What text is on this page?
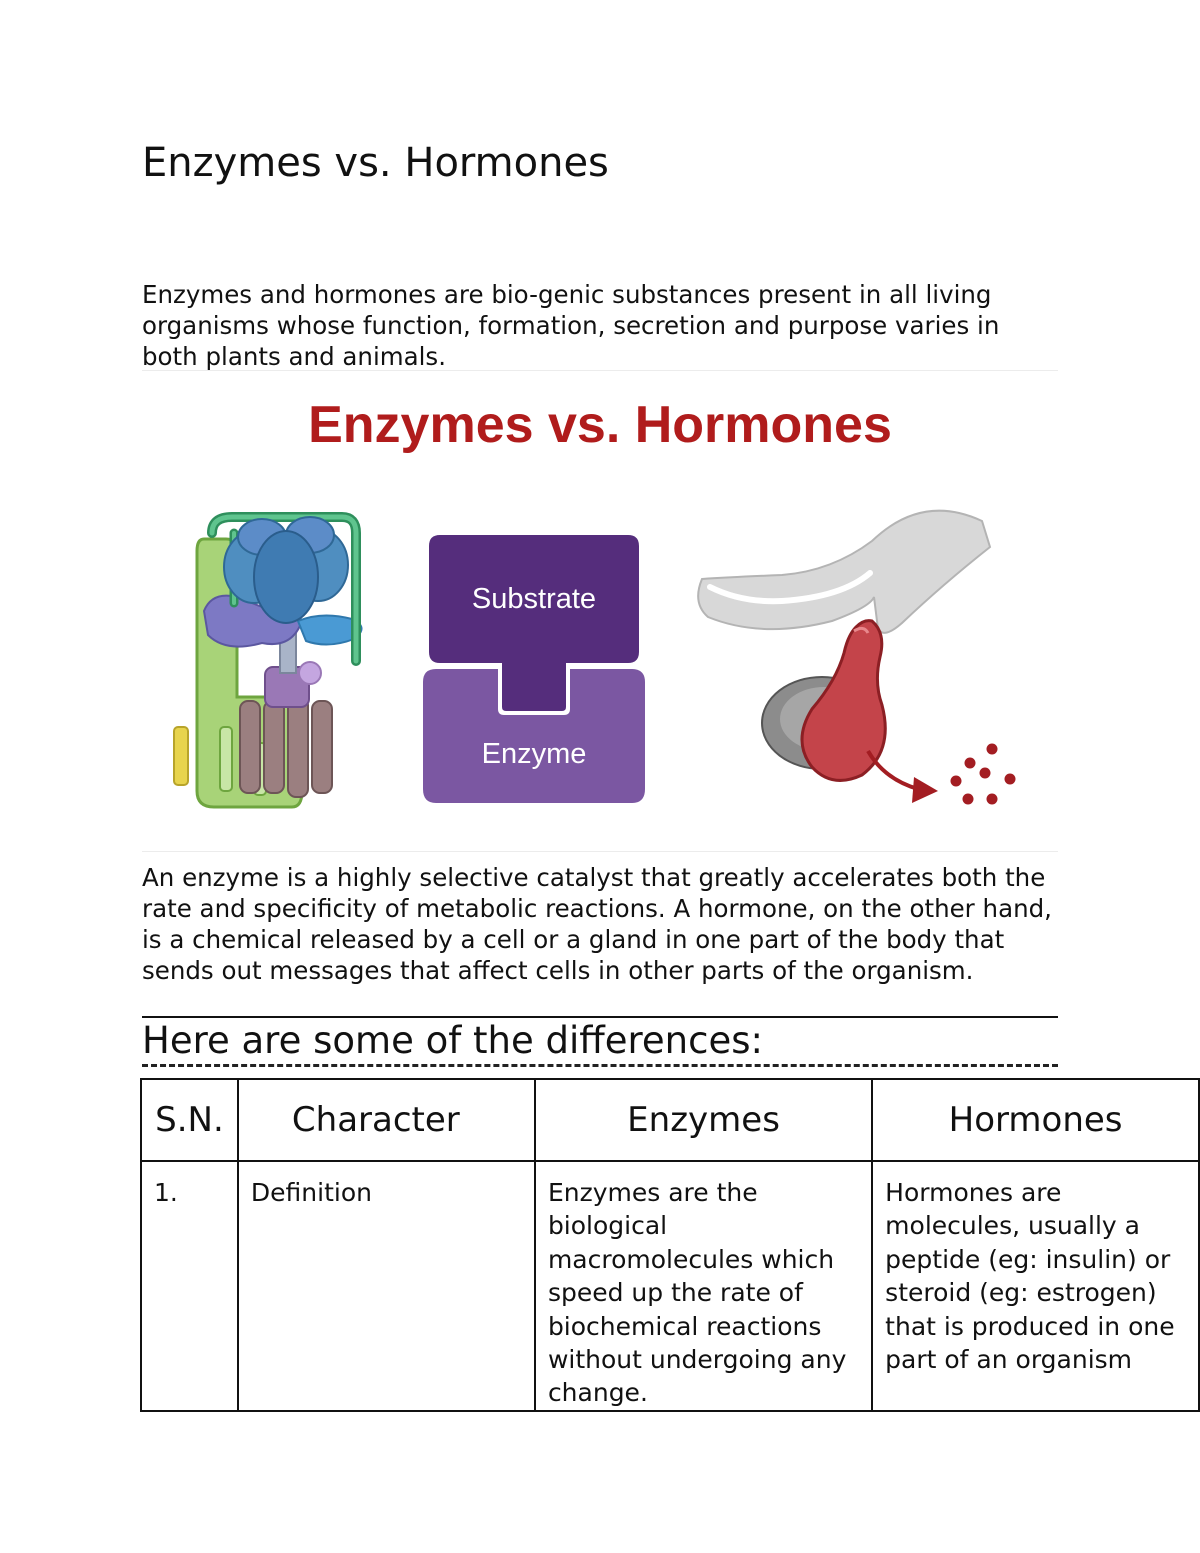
Enzymes vs. Hormones

Enzymes and hormones are bio-genic substances present in all living organisms whose function, formation, secretion and purpose varies in both plants and animals.

Enzymes vs. Hormones
Substrate
Enzyme

An enzyme is a highly selective catalyst that greatly accelerates both the rate and specificity of metabolic reactions. A hormone, on the other hand, is a chemical released by a cell or a gland in one part of the body that sends out messages that affect cells in other parts of the organism.

Here are some of the differences:
S.N.	Character	Enzymes	Hormones

1.	Definition	Enzymes are the biological macromolecules which speed up the rate of biochemical reactions without undergoing any change.	Hormones are molecules, usually a peptide (eg: insulin) or steroid (eg: estrogen) that is produced in one part of an organism
